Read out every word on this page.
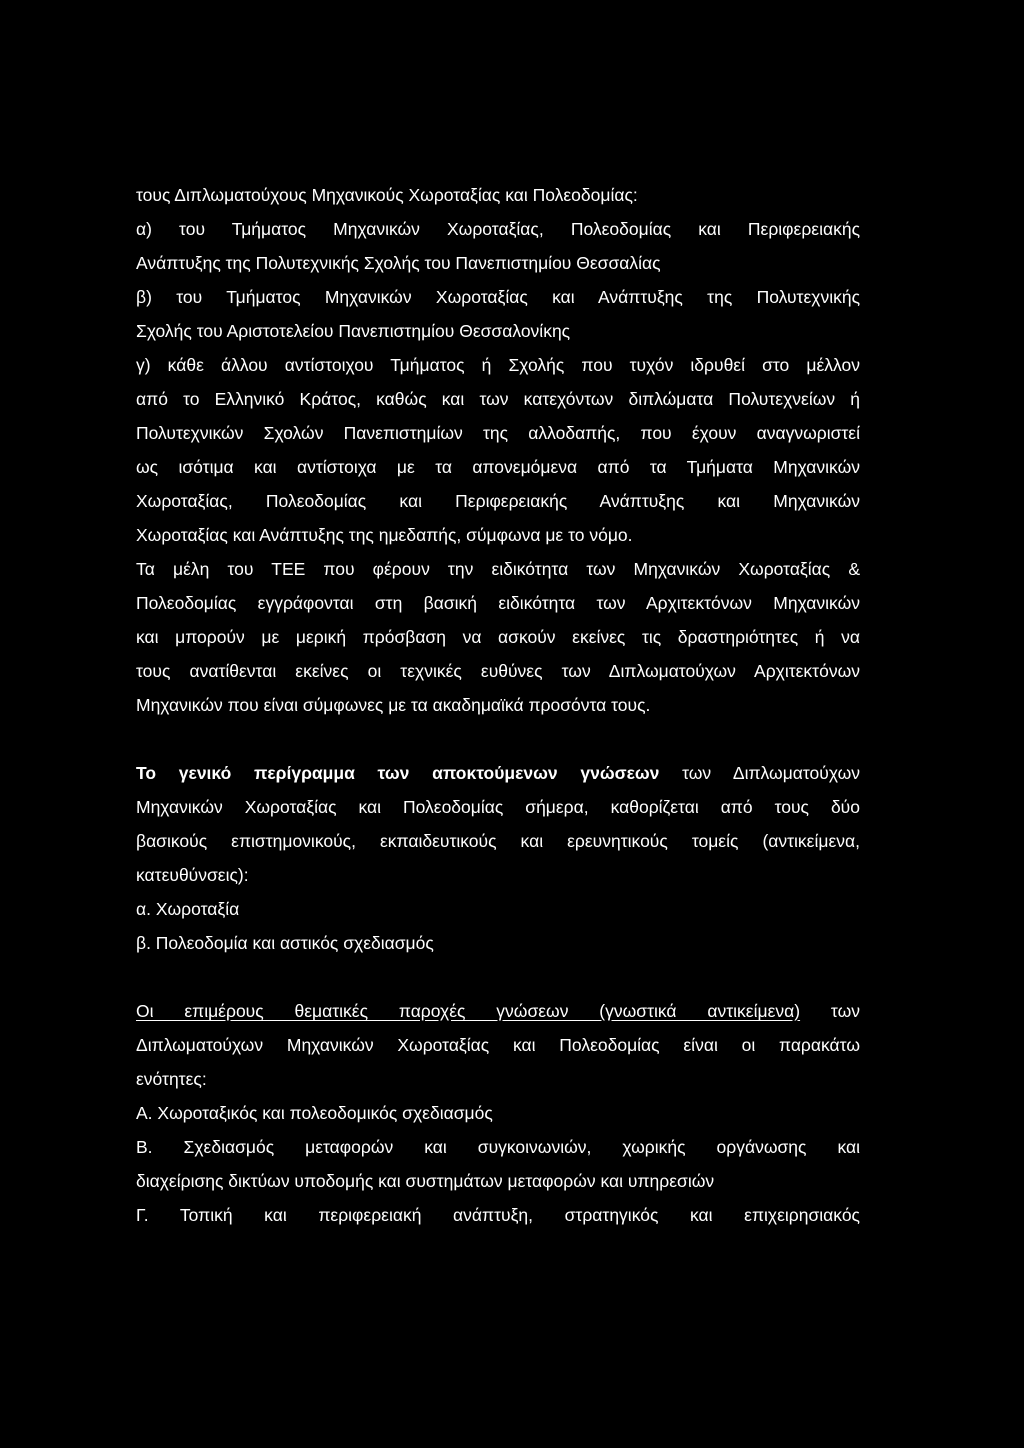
τους Διπλωματούχους Μηχανικούς Χωροταξίας και Πολεοδομίας:
α) του Τμήματος Μηχανικών Χωροταξίας, Πολεοδομίας και Περιφερειακής
Ανάπτυξης της Πολυτεχνικής Σχολής του Πανεπιστημίου Θεσσαλίας
β) του Τμήματος Μηχανικών Χωροταξίας και Ανάπτυξης της Πολυτεχνικής
Σχολής του Αριστοτελείου Πανεπιστημίου Θεσσαλονίκης
γ) κάθε άλλου αντίστοιχου Τμήματος ή Σχολής που τυχόν ιδρυθεί στο μέλλον
από το Ελληνικό Κράτος, καθώς και των κατεχόντων διπλώματα Πολυτεχνείων ή
Πολυτεχνικών Σχολών Πανεπιστημίων της αλλοδαπής, που έχουν αναγνωριστεί
ως ισότιμα και αντίστοιχα με τα απονεμόμενα από τα Τμήματα Μηχανικών
Χωροταξίας, Πολεοδομίας και Περιφερειακής Ανάπτυξης και Μηχανικών
Χωροταξίας και Ανάπτυξης της ημεδαπής, σύμφωνα με το νόμο.
Τα μέλη του ΤΕΕ που φέρουν την ειδικότητα των Μηχανικών Χωροταξίας &
Πολεοδομίας εγγράφονται στη βασική ειδικότητα των Αρχιτεκτόνων Μηχανικών
και μπορούν με μερική πρόσβαση να ασκούν εκείνες τις δραστηριότητες ή να
τους ανατίθενται εκείνες οι τεχνικές ευθύνες των Διπλωματούχων Αρχιτεκτόνων
Μηχανικών που είναι σύμφωνες με τα ακαδημαϊκά προσόντα τους.
Το γενικό περίγραμμα των αποκτούμενων γνώσεων των Διπλωματούχων
Μηχανικών Χωροταξίας και Πολεοδομίας σήμερα, καθορίζεται από τους δύο
βασικούς επιστημονικούς, εκπαιδευτικούς και ερευνητικούς τομείς (αντικείμενα,
κατευθύνσεις):
α. Χωροταξία
β. Πολεοδομία και αστικός σχεδιασμός
Οι επιμέρους θεματικές παροχές γνώσεων (γνωστικά αντικείμενα) των
Διπλωματούχων Μηχανικών Χωροταξίας και Πολεοδομίας είναι οι παρακάτω
ενότητες:
Α. Χωροταξικός και πολεοδομικός σχεδιασμός
Β. Σχεδιασμός μεταφορών και συγκοινωνιών, χωρικής οργάνωσης και
διαχείρισης δικτύων υποδομής και συστημάτων μεταφορών και υπηρεσιών
Γ. Τοπική και περιφερειακή ανάπτυξη, στρατηγικός και επιχειρησιακός
